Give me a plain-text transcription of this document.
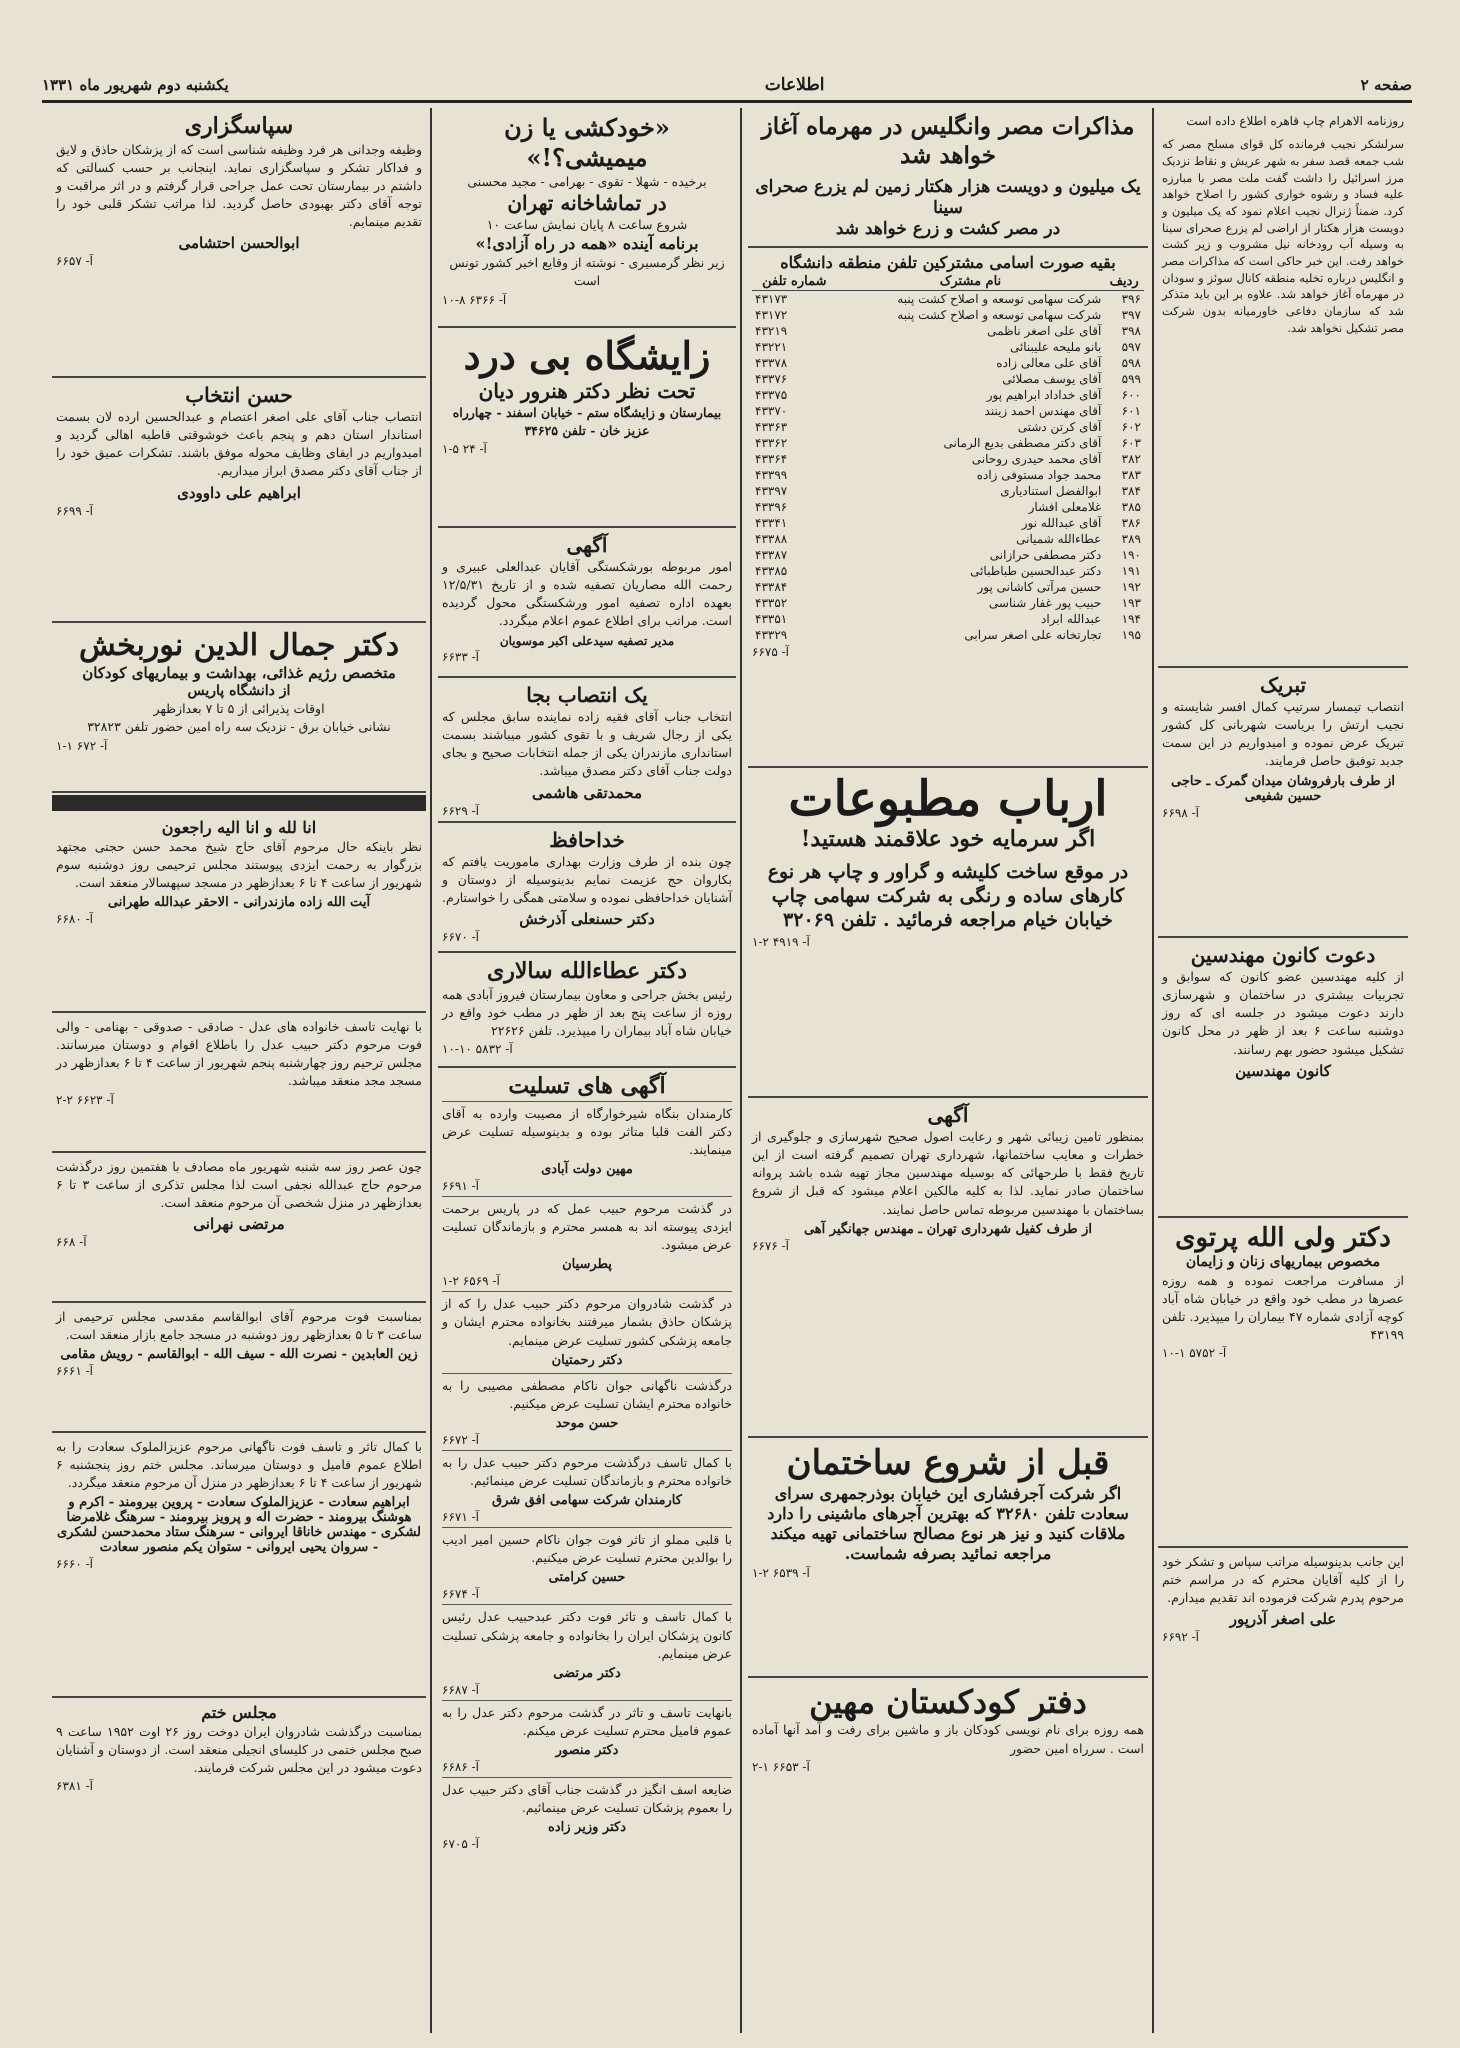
صفحه ۲
اطلاعات
یکشنبه دوم شهریور ماه ۱۳۳۱
روزنامه الاهرام چاپ قاهره اطلاع داده است
سرلشکر نجیب فرمانده کل قوای مسلح مصر که شب جمعه قصد سفر به شهر عریش و نقاط نزدیک مرز اسرائیل را داشت گفت ملت مصر با مبارزه علیه فساد و رشوه خواری کشور را اصلاح خواهد کرد. ضمناً ژنرال نجیب اعلام نمود که یک میلیون و دویست هزار هکتار از اراضی لم یزرع صحرای سینا به وسیله آب رودخانه نیل مشروب و زیر کشت خواهد رفت. این خبر حاکی است که مذاکرات مصر و انگلیس درباره تخلیه منطقه کانال سوئز و سودان در مهرماه آغاز خواهد شد. علاوه بر این باید متذکر شد که سازمان دفاعی خاورمیانه بدون شرکت مصر تشکیل نخواهد شد.
تبریک
انتصاب تیمسار سرتیپ کمال افسر شایسته و نجیب ارتش را بریاست شهربانی کل کشور تبریک عرض نموده و امیدواریم در این سمت جدید توفیق حاصل فرمایند.
از طرف بارفروشان میدان گمرک ـ حاجی حسین شفیعی
آ- ۶۶۹۸
دعوت کانون مهندسین
از کلیه مهندسین عضو کانون که سوابق و تجربیات بیشتری در ساختمان و شهرسازی دارند دعوت میشود در جلسه ای که روز دوشنبه ساعت ۶ بعد از ظهر در محل کانون تشکیل میشود حضور بهم رسانند.
کانون مهندسین
دکتر ولی الله پرتوی
مخصوص بیماریهای زنان و زایمان
از مسافرت مراجعت نموده و همه روزه عصرها در مطب خود واقع در خیابان شاه آباد کوچه آزادی شماره ۴۷ بیماران را میپذیرد. تلفن ۴۳۱۹۹
آ- ۵۷۵۲ ۱-۱۰
این جانب بدینوسیله مراتب سپاس و تشکر خود را از کلیه آقایان محترم که در مراسم ختم مرحوم پدرم شرکت فرموده اند تقدیم میدارم.
علی اصغر آذرپور
آ- ۶۶۹۲
مذاکرات مصر وانگلیس در مهرماه آغاز خواهد شد
یک میلیون و دویست هزار هکتار زمین لم یزرع صحرای سینا
در مصر کشت و زرع خواهد شد
بقیه صورت اسامی مشترکین تلفن منطقه دانشگاه
ردیف	نام مشترک	شماره تلفن
۳۹۶	شرکت سهامی توسعه و اصلاح کشت پنبه	۴۳۱۷۳
۳۹۷	شرکت سهامی توسعه و اصلاح کشت پنبه	۴۳۱۷۲
۳۹۸	آقای علی اصغر ناظمی	۴۳۲۱۹
۵۹۷	بانو ملیحه علیبنائی	۴۳۲۲۱
۵۹۸	آقای علی معالی زاده	۴۳۳۷۸
۵۹۹	آقای یوسف مصلائی	۴۳۳۷۶
۶۰۰	آقای خداداد ابراهیم پور	۴۳۳۷۵
۶۰۱	آقای مهندس احمد زینند	۴۳۳۷۰
۶۰۲	آقای کرتن دشتی	۴۳۳۶۳
۶۰۳	آقای دکتر مصطفی بدیع الرمانی	۴۳۳۶۲
۳۸۲	آقای محمد حیدری روحانی	۴۳۳۶۴
۳۸۳	محمد جواد مستوفی زاده	۴۳۳۹۹
۳۸۴	ابوالفضل استنادیاری	۴۳۳۹۷
۳۸۵	غلامعلی افشار	۴۳۳۹۶
۳۸۶	آقای عبدالله نور	۴۳۳۴۱
۳۸۹	عطاءالله شمیانی	۴۳۳۸۸
۱۹۰	دکتر مصطفی حرازانی	۴۳۳۸۷
۱۹۱	دکتر عبدالحسین طباطبائی	۴۳۳۸۵
۱۹۲	حسین مرآتی کاشانی پور	۴۳۳۸۴
۱۹۳	حبیب پور غفار شناسی	۴۳۳۵۲
۱۹۴	عبدالله ابراد	۴۳۳۵۱
۱۹۵	تجارتخانه علی اصغر سرابی	۴۳۳۲۹
آ- ۶۶۷۵
ارباب مطبوعات
اگر سرمایه خود علاقمند هستید!
در موقع ساخت کلیشه و گراور و چاپ هر نوع کارهای ساده و رنگی به شرکت سهامی چاپ خیابان خیام مراجعه فرمائید . تلفن ۳۲۰۶۹
آ- ۴۹۱۹ ۲-۱
آگهی
بمنظور تامین زیبائی شهر و رعایت اصول صحیح شهرسازی و جلوگیری از خطرات و معایب ساختمانها، شهرداری تهران تصمیم گرفته است از این تاریخ فقط با طرحهائی که بوسیله مهندسین مجاز تهیه شده باشد پروانه ساختمان صادر نماید. لذا به کلیه مالکین اعلام میشود که قبل از شروع بساختمان با مهندسین مربوطه تماس حاصل نمایند.
از طرف کفیل شهرداری تهران ـ مهندس جهانگیر آهی
آ- ۶۶۷۶
قبل از شروع ساختمان
اگر شرکت آجرفشاری این خیابان بوذرجمهری سرای سعادت تلفن ۳۲۶۸۰ که بهترین آجرهای ماشینی را دارد ملاقات کنید و نیز هر نوع مصالح ساختمانی تهیه میکند مراجعه نمائید بصرفه شماست.
آ- ۶۵۳۹ ۲-۱
دفتر کودکستان مهین
همه روزه برای نام نویسی کودکان باز و ماشین برای رفت و آمد آنها آماده است . سرراه امین حضور
آ- ۶۶۵۳ ۱-۲
«خودکشی یا زن میمیشی؟!»
برخیده - شهلا - تقوی - بهرامی - مجید محسنی
در تماشاخانه تهران
شروع ساعت ۸ پایان نمایش ساعت ۱۰
برنامه آینده «همه در راه آزادی!»
زیر نظر گرمسیری - نوشته از وقایع اخیر کشور تونس است
آ- ۶۳۶۶ ۸-۱۰
زایشگاه بی درد
تحت نظر دکتر هنرور دیان
بیمارستان و زایشگاه ستم - خیابان اسفند - چهارراه عزیز خان - تلفن ۳۴۶۲۵
آ- ۲۴ ۵-۱
آگهی
امور مربوطه بورشکستگی آقایان عبدالعلی عبیری و رحمت الله مصاریان تصفیه شده و از تاریخ ۱۲/۵/۳۱ بعهده اداره تصفیه امور ورشکستگی محول گردیده است. مراتب برای اطلاع عموم اعلام میگردد.
مدیر تصفیه سیدعلی اکبر موسویان
آ- ۶۶۳۳
یک انتصاب بجا
انتخاب جناب آقای فقیه زاده نماینده سابق مجلس که یکی از رجال شریف و با تقوی کشور میباشند بسمت استانداری مازندران یکی از جمله انتخابات صحیح و بجای دولت جناب آقای دکتر مصدق میباشد.
محمدتقی هاشمی
آ- ۶۶۲۹
خداحافظ
چون بنده از طرف وزارت بهداری ماموریت یافتم که بکاروان حج عزیمت نمایم بدینوسیله از دوستان و آشنایان خداحافظی نموده و سلامتی همگی را خواستارم.
دکتر حسنعلی آذرخش
آ- ۶۶۷۰
دکتر عطاءالله سالاری
رئیس بخش جراحی و معاون بیمارستان فیروز آبادی همه روزه از ساعت پنج بعد از ظهر در مطب خود واقع در خیابان شاه آباد بیماران را میپذیرد. تلفن ۲۲۶۲۶
آ- ۵۸۳۲ ۱۰-۱۰
آگهی های تسلیت
کارمندان بنگاه شیرخوارگاه از مصیبت وارده به آقای دکتر الفت قلبا متاثر بوده و بدینوسیله تسلیت عرض مینمایند.
مهین دولت آبادی
آ- ۶۶۹۱
در گذشت مرحوم حبیب عمل که در پاریس برحمت ایزدی پیوسته اند به همسر محترم و بازماندگان تسلیت عرض میشود.
پطرسیان
آ- ۶۵۶۹ ۲-۱
در گذشت شادروان مرحوم دکتر حبیب عدل را که از پزشکان حاذق بشمار میرفتند بخانواده محترم ایشان و جامعه پزشکی کشور تسلیت عرض مینمایم.
دکتر رحمتیان
درگذشت ناگهانی جوان ناکام مصطفی مصیبی را به خانواده محترم ایشان تسلیت عرض میکنیم.
حسن موحد
آ- ۶۶۷۲
با کمال تاسف درگذشت مرحوم دکتر حبیب عدل را به خانواده محترم و بازماندگان تسلیت عرض مینمائیم.
کارمندان شرکت سهامی افق شرق
آ- ۶۶۷۱
با قلبی مملو از تاثر فوت جوان ناکام حسین امیر ادیب را بوالدین محترم تسلیت عرض میکنیم.
حسین کرامتی
آ- ۶۶۷۴
با کمال تاسف و تاثر فوت دکتر عبدحبیب عدل رئیس کانون پزشکان ایران را بخانواده و جامعه پزشکی تسلیت عرض مینمایم.
دکتر مرتضی
آ- ۶۶۸۷
بانهایت تاسف و تاثر در گذشت مرحوم دکتر عدل را به عموم فامیل محترم تسلیت عرض میکنم.
دکتر منصور
آ- ۶۶۸۶
ضایعه اسف انگیز در گذشت جناب آقای دکتر حبیب عدل را بعموم پزشکان تسلیت عرض مینمائیم.
دکتر وزیر زاده
آ- ۶۷۰۵
سپاسگزاری
وظیفه وجدانی هر فرد وظیفه شناسی است که از پزشکان حاذق و لایق و فداکار تشکر و سپاسگزاری نماید. اینجانب بر حسب کسالتی که داشتم در بیمارستان تحت عمل جراحی قرار گرفتم و در اثر مراقبت و توجه آقای دکتر بهبودی حاصل گردید. لذا مراتب تشکر قلبی خود را تقدیم مینمایم.
ابوالحسن احتشامی
آ- ۶۶۵۷
حسن انتخاب
انتصاب جناب آقای علی اصغر اعتصام و عبدالحسین ارده لان بسمت استاندار استان دهم و پنجم باعث خوشوقتی قاطبه اهالی گردید و امیدواریم در ایفای وظایف محوله موفق باشند. تشکرات عمیق خود را از جناب آقای دکتر مصدق ابراز میداریم.
ابراهیم علی داوودی
آ- ۶۶۹۹
دکتر جمال الدین نوربخش
متخصص رژیم غذائی، بهداشت و بیماریهای کودکان
از دانشگاه پاریس
اوقات پذیرائی از ۵ تا ۷ بعدازظهر
نشانی خیابان برق - نزدیک سه راه امین حضور تلفن ۳۲۸۲۳
آ- ۶۷۲ ۱-۱
انا لله و انا الیه راجعون
نظر باینکه حال مرحوم آقای حاج شیخ محمد حسن حجتی مجتهد بزرگوار به رحمت ایزدی پیوستند مجلس ترحیمی روز دوشنبه سوم شهریور از ساعت ۴ تا ۶ بعدازظهر در مسجد سپهسالار منعقد است.
آیت الله زاده مازندرانی - الاحقر عبدالله طهرانی
آ- ۶۶۸۰
با نهایت تاسف خانواده های عدل - صادقی - صدوقی - بهنامی - والی فوت مرحوم دکتر حبیب عدل را باطلاع اقوام و دوستان میرسانند. مجلس ترحیم روز چهارشنبه پنجم شهریور از ساعت ۴ تا ۶ بعدازظهر در مسجد مجد منعقد میباشد.
آ- ۶۶۲۳ ۲-۲
چون عصر روز سه شنبه شهریور ماه مصادف با هفتمین روز درگذشت مرحوم حاج عبدالله نجفی است لذا مجلس تذکری از ساعت ۳ تا ۶ بعدازظهر در منزل شخصی آن مرحوم منعقد است.
مرتضی نهرانی
آ- ۶۶۸
بمناسبت فوت مرحوم آقای ابوالقاسم مقدسی مجلس ترحیمی از ساعت ۳ تا ۵ بعدازظهر روز دوشنبه در مسجد جامع بازار منعقد است.
زین العابدین - نصرت الله - سیف الله - ابوالقاسم - رویش مقامی
آ- ۶۶۶۱
با کمال تاثر و تاسف فوت ناگهانی مرحوم عزیزالملوک سعادت را به اطلاع عموم فامیل و دوستان میرساند. مجلس ختم روز پنجشنبه ۶ شهریور از ساعت ۴ تا ۶ بعدازظهر در منزل آن مرحوم منعقد میگردد.
ابراهیم سعادت - عزیزالملوک سعادت - پروین بیرومند - اکرم و هوشنگ بیرومند - حضرت اله و پرویز بیرومند - سرهنگ غلامرضا لشکری - مهندس خاناقا ایروانی - سرهنگ ستاد محمدحسن لشکری - سروان یحیی ایروانی - ستوان یکم منصور سعادت
آ- ۶۶۶۰
مجلس ختم
بمناسبت درگذشت شادروان ایران دوخت روز ۲۶ اوت ۱۹۵۲ ساعت ۹ صبح مجلس ختمی در کلیسای انجیلی منعقد است. از دوستان و آشنایان دعوت میشود در این مجلس شرکت فرمایند.
آ- ۶۳۸۱
